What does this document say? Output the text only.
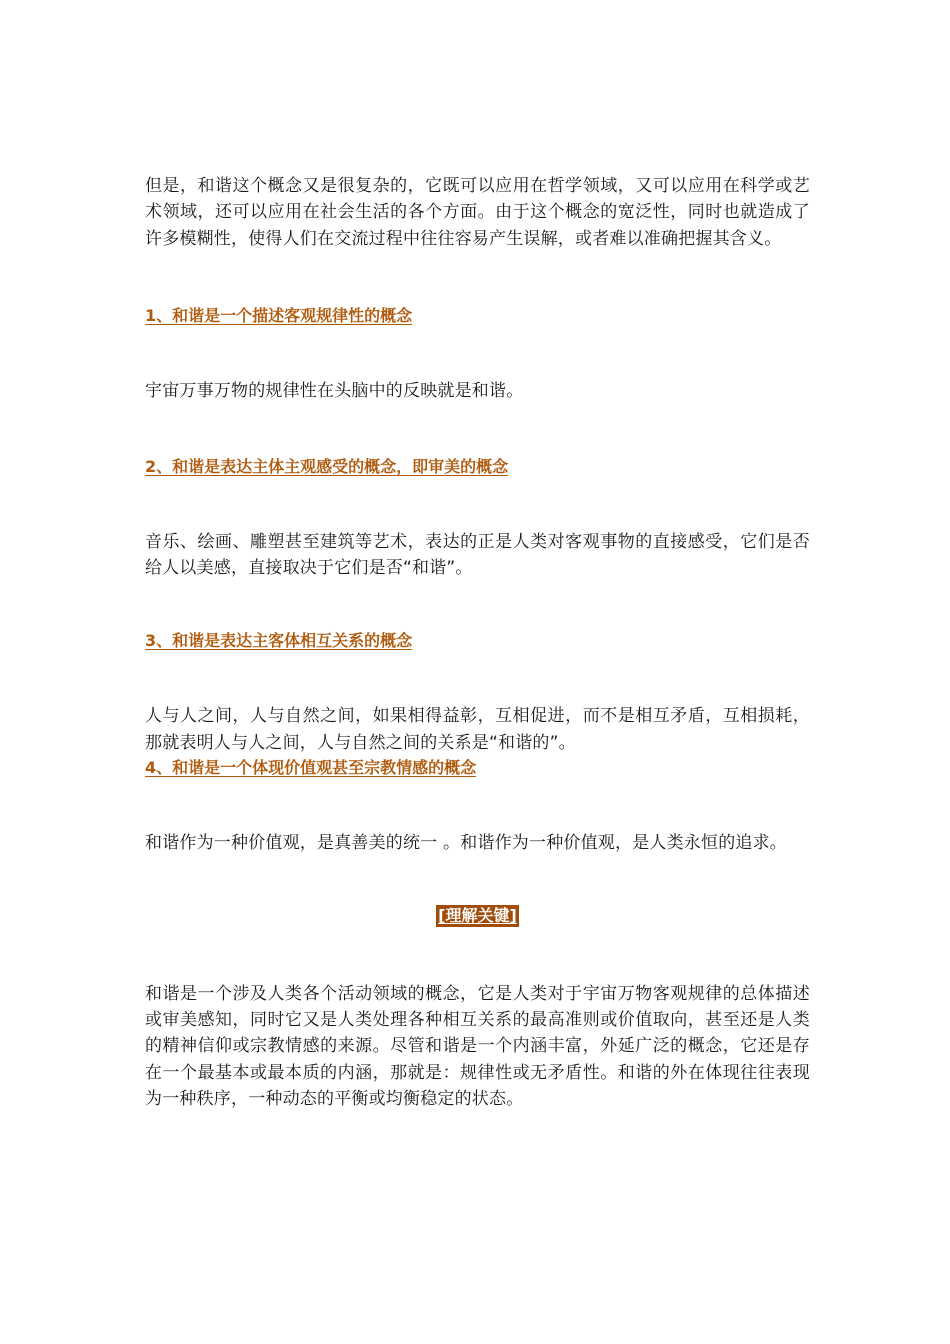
但是，和谐这个概念又是很复杂的，它既可以应用在哲学领域，又可以应用在科学或艺术领域，还可以应用在社会生活的各个方面。由于这个概念的宽泛性，同时也就造成了许多模糊性，使得人们在交流过程中往往容易产生误解，或者难以准确把握其含义。

1、和谐是一个描述客观规律性的概念

宇宙万事万物的规律性在头脑中的反映就是和谐。

2、和谐是表达主体主观感受的概念，即审美的概念

音乐、绘画、雕塑甚至建筑等艺术，表达的正是人类对客观事物的直接感受，它们是否给人以美感，直接取决于它们是否“和谐”。

3、和谐是表达主客体相互关系的概念

人与人之间，人与自然之间，如果相得益彰，互相促进，而不是相互矛盾，互相损耗，那就表明人与人之间，人与自然之间的关系是“和谐的”。

4、和谐是一个体现价值观甚至宗教情感的概念

和谐作为一种价值观，是真善美的统一 。和谐作为一种价值观，是人类永恒的追求。

[理解关键]

和谐是一个涉及人类各个活动领域的概念，它是人类对于宇宙万物客观规律的总体描述或审美感知，同时它又是人类处理各种相互关系的最高准则或价值取向，甚至还是人类的精神信仰或宗教情感的来源。尽管和谐是一个内涵丰富，外延广泛的概念，它还是存在一个最基本或最本质的内涵，那就是：规律性或无矛盾性。和谐的外在体现往往表现为一种秩序，一种动态的平衡或均衡稳定的状态。
